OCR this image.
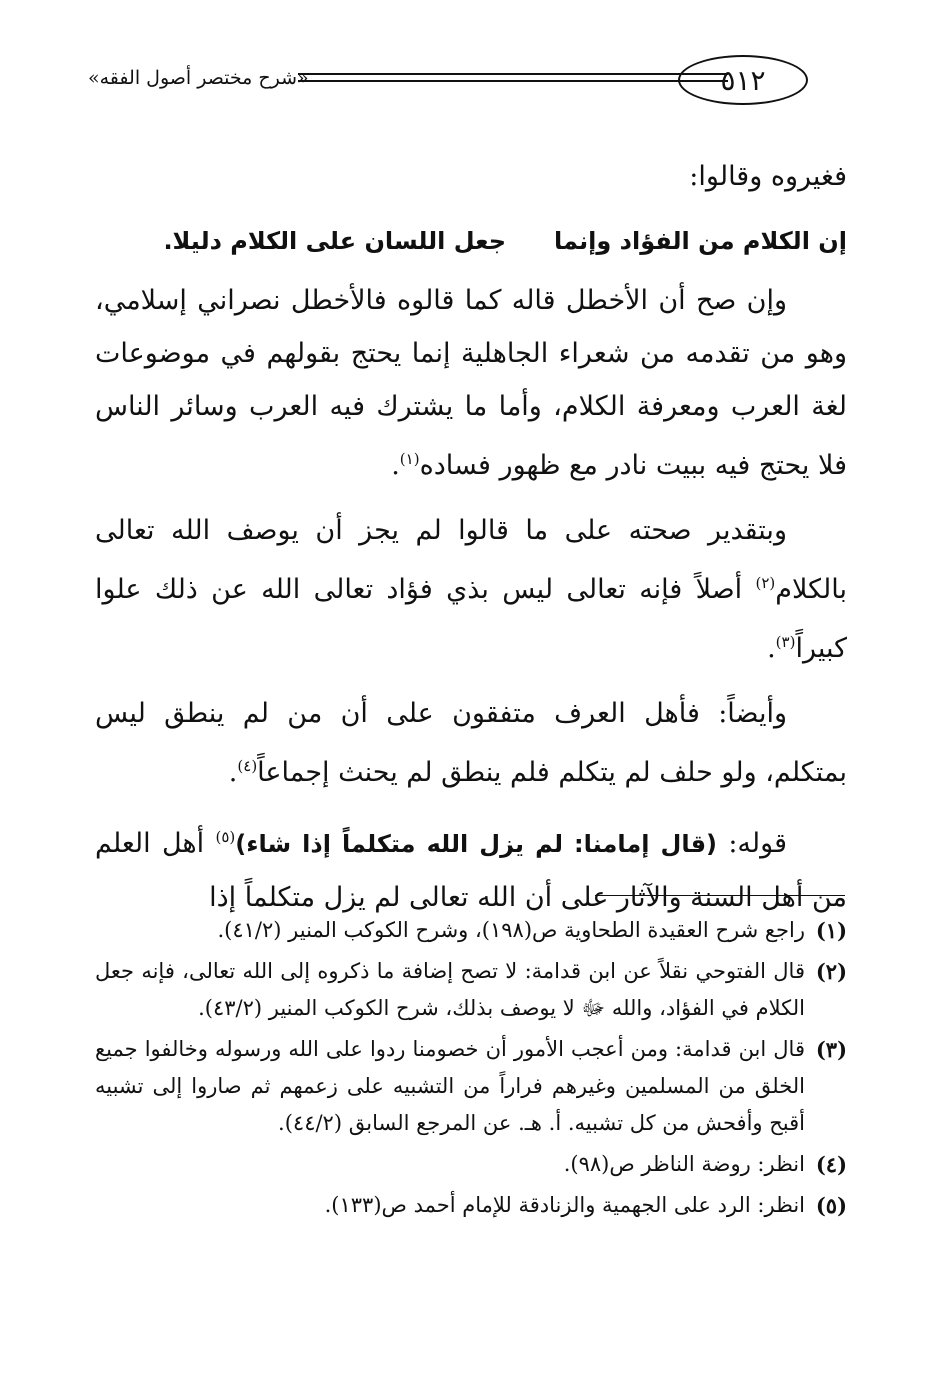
«شرح مختصر أصول الفقه»	٥١٢

فغيروه وقالوا:

إن الكلام من الفؤاد وإنماجعل اللسان على الكلام دليلا.

وإن صح أن الأخطل قاله كما قالوه فالأخطل نصراني إسلامي، وهو من تقدمه من شعراء الجاهلية إنما يحتج بقولهم في موضوعات لغة العرب ومعرفة الكلام، وأما ما يشترك فيه العرب وسائر الناس فلا يحتج فيه ببيت نادر مع ظهور فساده$^{(١)}$.

وبتقدير صحته على ما قالوا لم يجز أن يوصف الله تعالى بالكلام$^{(٢)}$ أصلاً فإنه تعالى ليس بذي فؤاد تعالى الله عن ذلك علوا كبيراً$^{(٣)}$.

وأيضاً: فأهل العرف متفقون على أن من لم ينطق ليس بمتكلم، ولو حلف لم يتكلم فلم ينطق لم يحنث إجماعاً$^{(٤)}$.

قوله: (قال إمامنا: لم يزل الله متكلماً إذا شاء)$^{(٥)}$ أهل العلم من أهل السنة والآثار على أن الله تعالى لم يزل متكلماً إذا

(١)
راجع شرح العقيدة الطحاوية ص(١٩٨)، وشرح الكوكب المنير (٤١/٢).
(٢)
قال الفتوحي نقلاً عن ابن قدامة: لا تصح إضافة ما ذكروه إلى الله تعالى، فإنه جعل الكلام في الفؤاد، والله ﷻ لا يوصف بذلك، شرح الكوكب المنير (٤٣/٢).
(٣)
قال ابن قدامة: ومن أعجب الأمور أن خصومنا ردوا على الله ورسوله وخالفوا جميع الخلق من المسلمين وغيرهم فراراً من التشبيه على زعمهم ثم صاروا إلى تشبيه أقبح وأفحش من كل تشبيه. أ. هـ. عن المرجع السابق (٤٤/٢).
(٤)
انظر: روضة الناظر ص(٩٨).
(٥)
انظر: الرد على الجهمية والزنادقة للإمام أحمد ص(١٣٣).
